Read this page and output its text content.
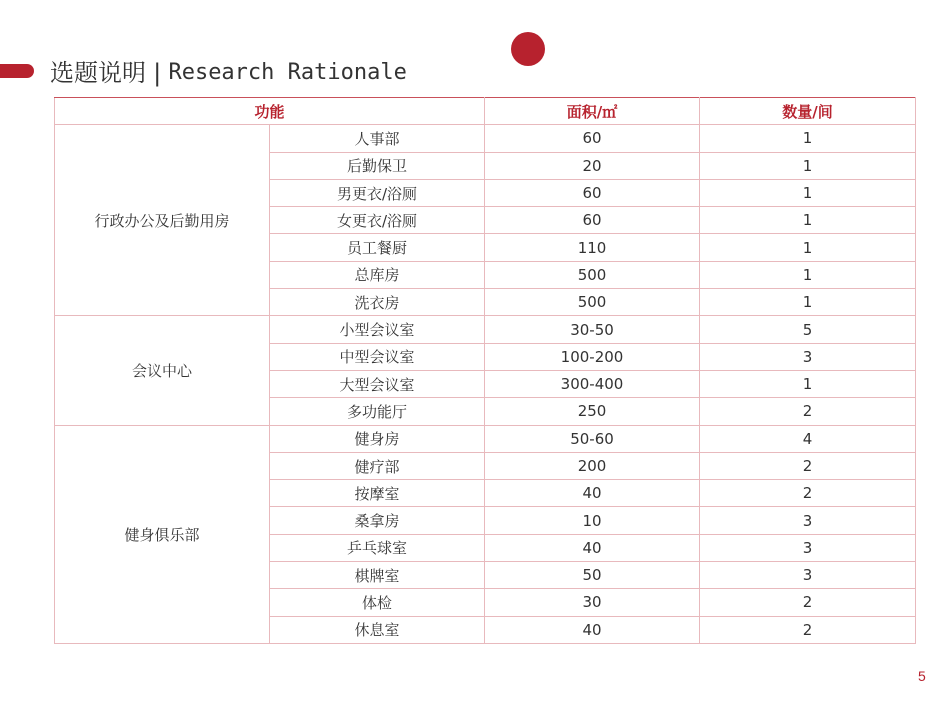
选题说明 | Research Rationale
功能		面积/㎡	数量/间
行政办公及后勤用房	人事部	60	1
	后勤保卫	20	1
	男更衣/浴厕	60	1
	女更衣/浴厕	60	1
	员工餐厨	110	1
	总库房	500	1
	洗衣房	500	1
会议中心	小型会议室	30-50	5
	中型会议室	100-200	3
	大型会议室	300-400	1
	多功能厅	250	2
健身俱乐部	健身房	50-60	4
	健疗部	200	2
	按摩室	40	2
	桑拿房	10	3
	乒乓球室	40	3
	棋牌室	50	3
	体检	30	2
	休息室	40	2
5
